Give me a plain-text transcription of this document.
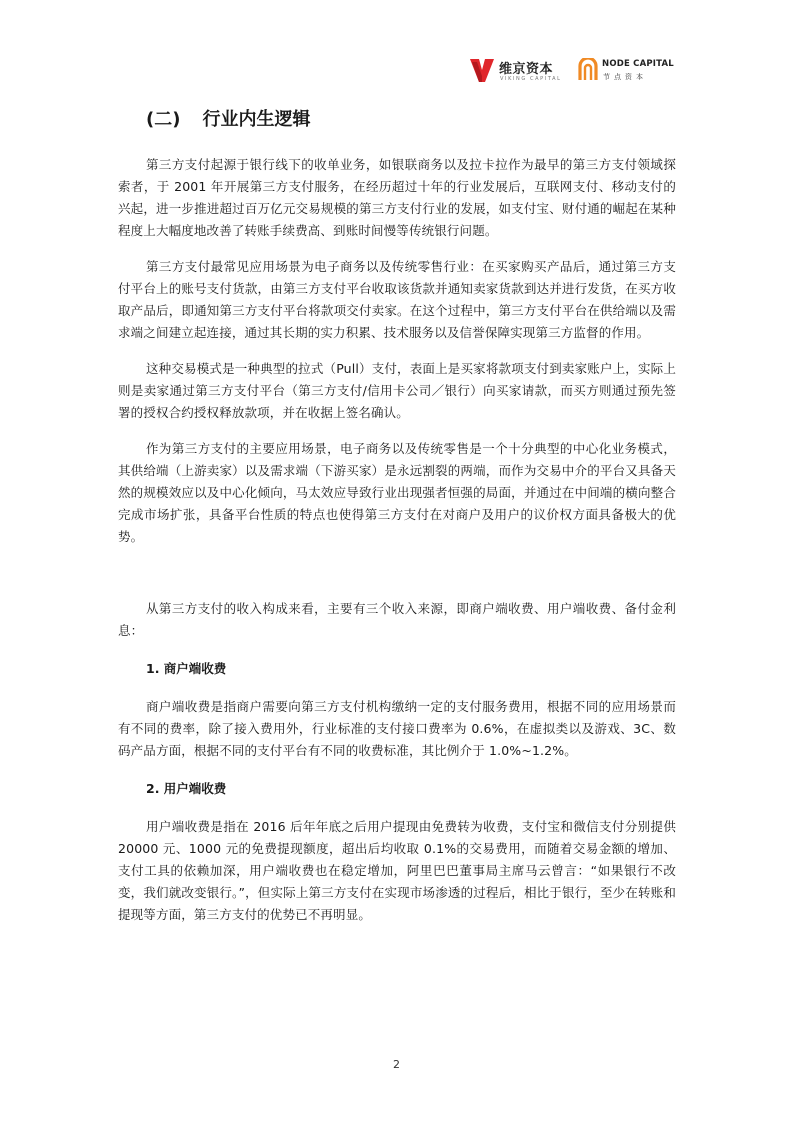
维京资本
VIKING CAPITAL
NODE CAPITAL
节点资本
(二) 行业内生逻辑

第三方支付起源于银行线下的收单业务，如银联商务以及拉卡拉作为最早的第三方支付领域探索者，于 2001 年开展第三方支付服务，在经历超过十年的行业发展后，互联网支付、移动支付的兴起，进一步推进超过百万亿元交易规模的第三方支付行业的发展，如支付宝、财付通的崛起在某种程度上大幅度地改善了转账手续费高、到账时间慢等传统银行问题。

第三方支付最常见应用场景为电子商务以及传统零售行业：在买家购买产品后，通过第三方支付平台上的账号支付货款，由第三方支付平台收取该货款并通知卖家货款到达并进行发货，在买方收取产品后，即通知第三方支付平台将款项交付卖家。在这个过程中，第三方支付平台在供给端以及需求端之间建立起连接，通过其长期的实力积累、技术服务以及信誉保障实现第三方监督的作用。

这种交易模式是一种典型的拉式（Pull）支付，表面上是买家将款项支付到卖家账户上，实际上则是卖家通过第三方支付平台（第三方支付/信用卡公司／银行）向买家请款，而买方则通过预先签署的授权合约授权释放款项，并在收据上签名确认。

作为第三方支付的主要应用场景，电子商务以及传统零售是一个十分典型的中心化业务模式，其供给端（上游卖家）以及需求端（下游买家）是永远割裂的两端，而作为交易中介的平台又具备天然的规模效应以及中心化倾向，马太效应导致行业出现强者恒强的局面，并通过在中间端的横向整合完成市场扩张，具备平台性质的特点也使得第三方支付在对商户及用户的议价权方面具备极大的优势。

从第三方支付的收入构成来看，主要有三个收入来源，即商户端收费、用户端收费、备付金利息：

1. 商户端收费

商户端收费是指商户需要向第三方支付机构缴纳一定的支付服务费用，根据不同的应用场景而有不同的费率，除了接入费用外，行业标准的支付接口费率为 0.6%，在虚拟类以及游戏、3C、数码产品方面，根据不同的支付平台有不同的收费标准，其比例介于 1.0%~1.2%。

2. 用户端收费

用户端收费是指在 2016 后年年底之后用户提现由免费转为收费，支付宝和微信支付分别提供 20000 元、1000 元的免费提现额度，超出后均收取 0.1%的交易费用，而随着交易金额的增加、支付工具的依赖加深，用户端收费也在稳定增加，阿里巴巴董事局主席马云曾言：“如果银行不改变，我们就改变银行。”，但实际上第三方支付在实现市场渗透的过程后，相比于银行，至少在转账和提现等方面，第三方支付的优势已不再明显。

2
